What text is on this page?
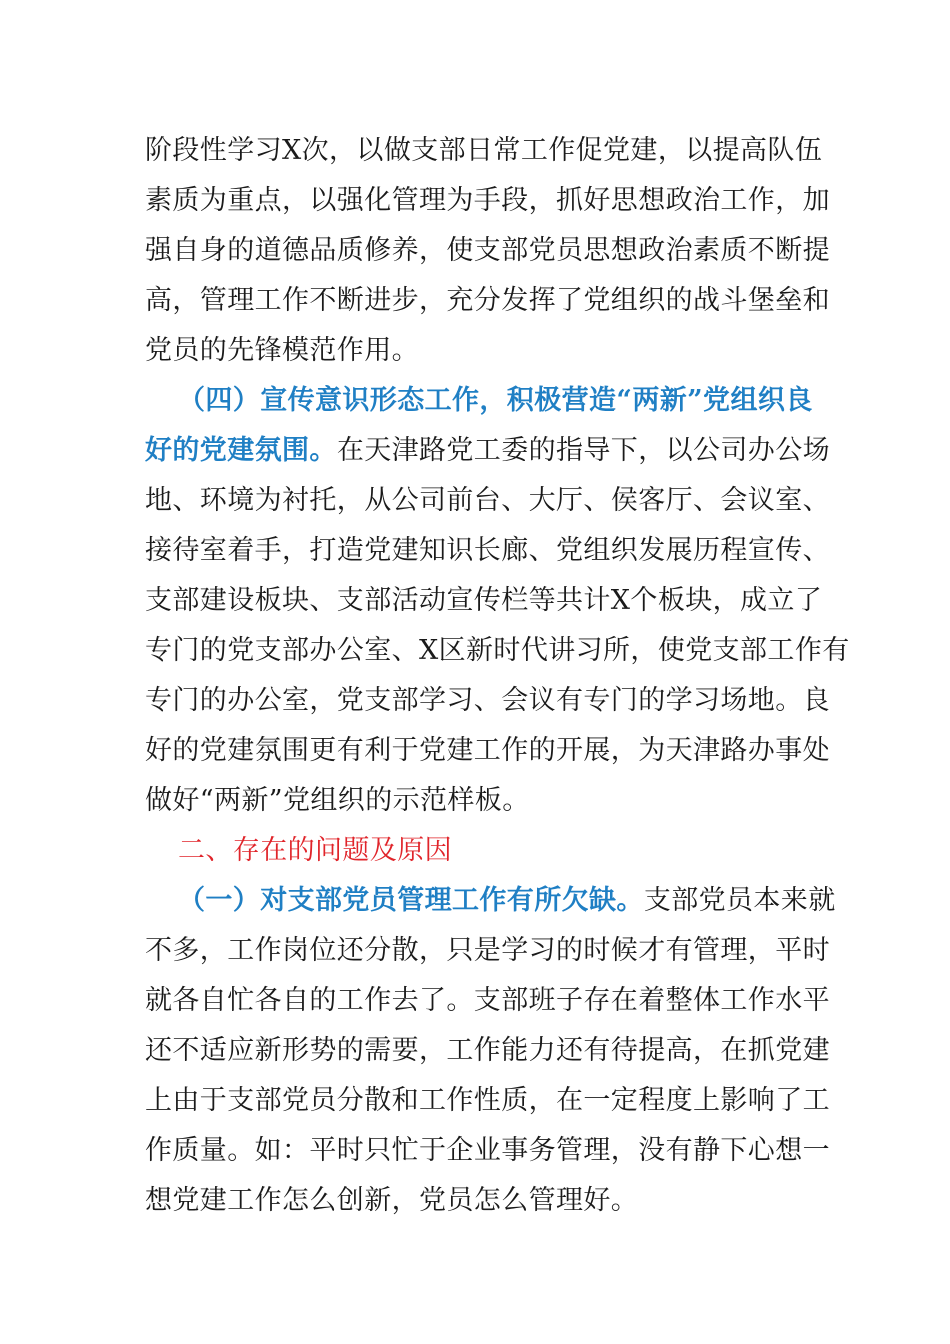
阶段性学习X次，以做支部日常工作促党建，以提高队伍
素质为重点，以强化管理为手段，抓好思想政治工作，加
强自身的道德品质修养，使支部党员思想政治素质不断提
高，管理工作不断进步，充分发挥了党组织的战斗堡垒和
党员的先锋模范作用。
（四）宣传意识形态工作，积极营造“两新”党组织良
好的党建氛围。在天津路党工委的指导下，以公司办公场
地、环境为衬托，从公司前台、大厅、侯客厅、会议室、
接待室着手，打造党建知识长廊、党组织发展历程宣传、
支部建设板块、支部活动宣传栏等共计X个板块，成立了
专门的党支部办公室、X区新时代讲习所，使党支部工作有
专门的办公室，党支部学习、会议有专门的学习场地。良
好的党建氛围更有利于党建工作的开展，为天津路办事处
做好“两新”党组织的示范样板。
二、存在的问题及原因
（一）对支部党员管理工作有所欠缺。支部党员本来就
不多，工作岗位还分散，只是学习的时候才有管理，平时
就各自忙各自的工作去了。支部班子存在着整体工作水平
还不适应新形势的需要，工作能力还有待提高，在抓党建
上由于支部党员分散和工作性质，在一定程度上影响了工
作质量。如：平时只忙于企业事务管理，没有静下心想一
想党建工作怎么创新，党员怎么管理好。
